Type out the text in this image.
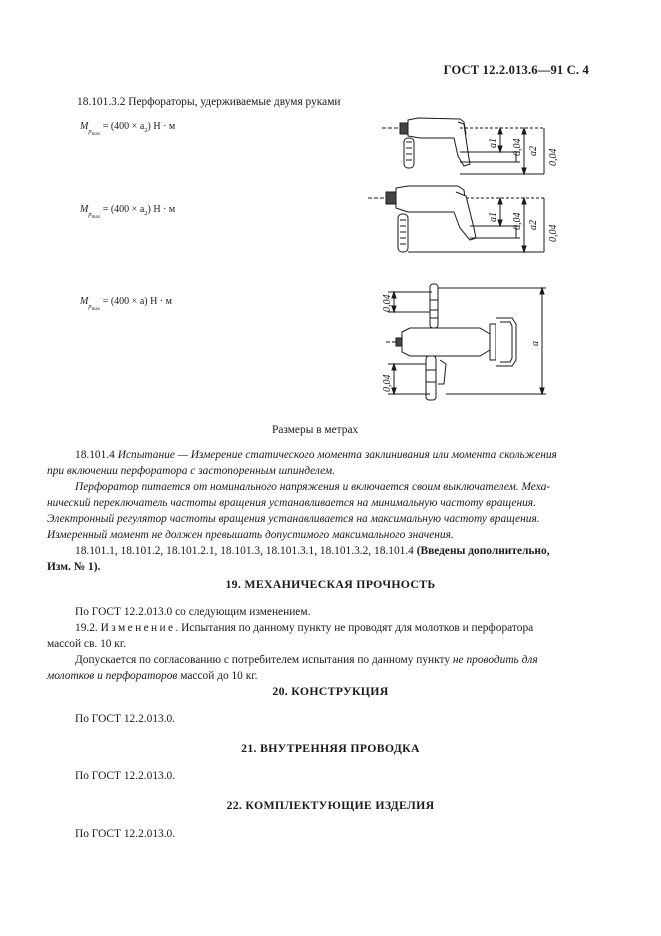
ГОСТ 12.2.013.6—91 С. 4
18.101.3.2 Перфораторы, удерживаемые двумя руками
$M_{рmax} = (400 \times a_2) Н \cdot м$
$M_{рmax} = (400 \times a_2) Н \cdot м$
$M_{рmax} = (400 \times a) Н \cdot м$
a1 0,04 a2 0,04
a1 0,04 a2 0,04
0,04
0,04
a
Размеры в метрах
18.101.4 Испытание — Измерение статического момента заклинивания или момента скольжения
при включении перфоратора с застопоренным шпинделем.
Перфоратор питается от номинального напряжения и включается своим выключателем. Меха-
нический переключатель частоты вращения устанавливается на минимальную частоту вращения.
Электронный регулятор частоты вращения устанавливается на максимальную частоту вращения.
Измеренный момент не должен превышать допустимого максимального значения.
18.101.1, 18.101.2, 18.101.2.1, 18.101.3, 18.101.3.1, 18.101.3.2, 18.101.4 (Введены дополнительно,
Изм. № 1).
19. МЕХАНИЧЕСКАЯ ПРОЧНОСТЬ
По ГОСТ 12.2.013.0 со следующим изменением.
19.2. Изменение. Испытания по данному пункту не проводят для молотков и перфоратора
массой св. 10 кг.
Допускается по согласованию с потребителем испытания по данному пункту не проводить для
молотков и перфораторов массой до 10 кг.
20. КОНСТРУКЦИЯ
По ГОСТ 12.2.013.0.
21. ВНУТРЕННЯЯ ПРОВОДКА
По ГОСТ 12.2.013.0.
22. КОМПЛЕКТУЮЩИЕ ИЗДЕЛИЯ
По ГОСТ 12.2.013.0.
